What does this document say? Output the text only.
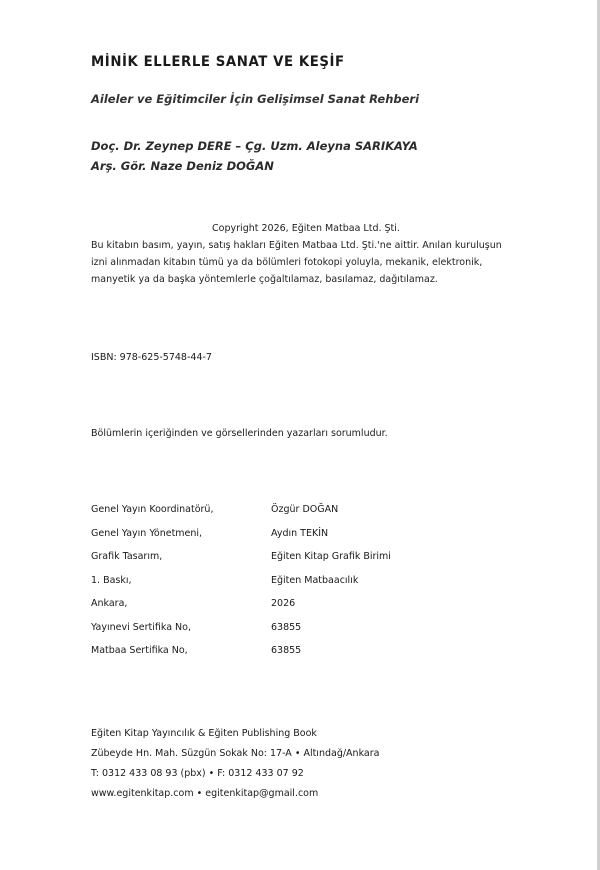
MİNİK ELLERLE SANAT VE KEŞİF
Aileler ve Eğitimciler İçin Gelişimsel Sanat Rehberi
Doç. Dr. Zeynep DERE – Çg. Uzm. Aleyna SARIKAYA
Arş. Gör. Naze Deniz DOĞAN
Copyright 2026, Eğiten Matbaa Ltd. Şti.
Bu kitabın basım, yayın, satış hakları Eğiten Matbaa Ltd. Şti.'ne aittir. Anılan kuruluşun izni alınmadan kitabın tümü ya da bölümleri fotokopi yoluyla, mekanik, elektronik, manyetik ya da başka yöntemlerle çoğaltılamaz, basılamaz, dağıtılamaz.
ISBN: 978-625-5748-44-7
Bölümlerin içeriğinden ve görsellerinden yazarları sorumludur.
Genel Yayın Koordinatörü,	Özgür DOĞAN
Genel Yayın Yönetmeni,	Aydın TEKİN
Grafik Tasarım,	Eğiten Kitap Grafik Birimi
1. Baskı,	Eğiten Matbaacılık
Ankara,	2026
Yayınevi Sertifika No,	63855
Matbaa Sertifika No,	63855
Eğiten Kitap Yayıncılık & Eğiten Publishing Book
Zübeyde Hn. Mah. Süzgün Sokak No: 17-A • Altındağ/Ankara
T: 0312 433 08 93 (pbx) • F: 0312 433 07 92
www.egitenkitap.com • egitenkitap@gmail.com
